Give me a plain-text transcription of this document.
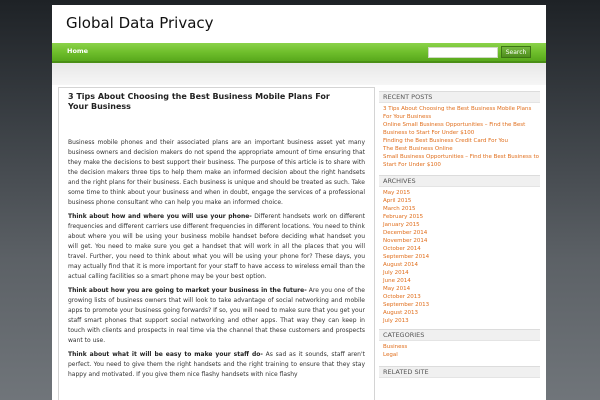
Global Data Privacy
Home	Search
3 Tips About Choosing the Best Business Mobile Plans For Your Business

Business mobile phones and their associated plans are an important business asset yet many business owners and decision makers do not spend the appropriate amount of time ensuring that they make the decisions to best support their business. The purpose of this article is to share with the decision makers three tips to help them make an informed decision about the right handsets and the right plans for their business. Each business is unique and should be treated as such. Take some time to think about your business and when in doubt, engage the services of a professional business phone consultant who can help you make an informed choice.

Think about how and where you will use your phone- Different handsets work on different frequencies and different carriers use different frequencies in different locations. You need to think about where you will be using your business mobile handset before deciding what handset you will get. You need to make sure you get a handset that will work in all the places that you will travel. Further, you need to think about what you will be using your phone for? These days, you may actually find that it is more important for your staff to have access to wireless email than the actual calling facilities so a smart phone may be your best option.

Think about how you are going to market your business in the future- Are you one of the growing lists of business owners that will look to take advantage of social networking and mobile apps to promote your business going forwards? If so, you will need to make sure that you get your staff smart phones that support social networking and other apps. That way they can keep in touch with clients and prospects in real time via the channel that these customers and prospects want to use.

Think about what it will be easy to make your staff do- As sad as it sounds, staff aren't perfect. You need to give them the right handsets and the right training to ensure that they stay happy and motivated. If you give them nice flashy handsets with nice flashy

RECENT POSTS
3 Tips About Choosing the Best Business Mobile Plans For Your Business
Online Small Business Opportunities – Find the Best Business to Start For Under $100
Finding the Best Business Credit Card For You
The Best Business Online
Small Business Opportunities – Find the Best Business to Start For Under $100
ARCHIVES
May 2015
April 2015
March 2015
February 2015
January 2015
December 2014
November 2014
October 2014
September 2014
August 2014
July 2014
June 2014
May 2014
October 2013
September 2013
August 2013
July 2013
CATEGORIES
Business
Legal
RELATED SITE
